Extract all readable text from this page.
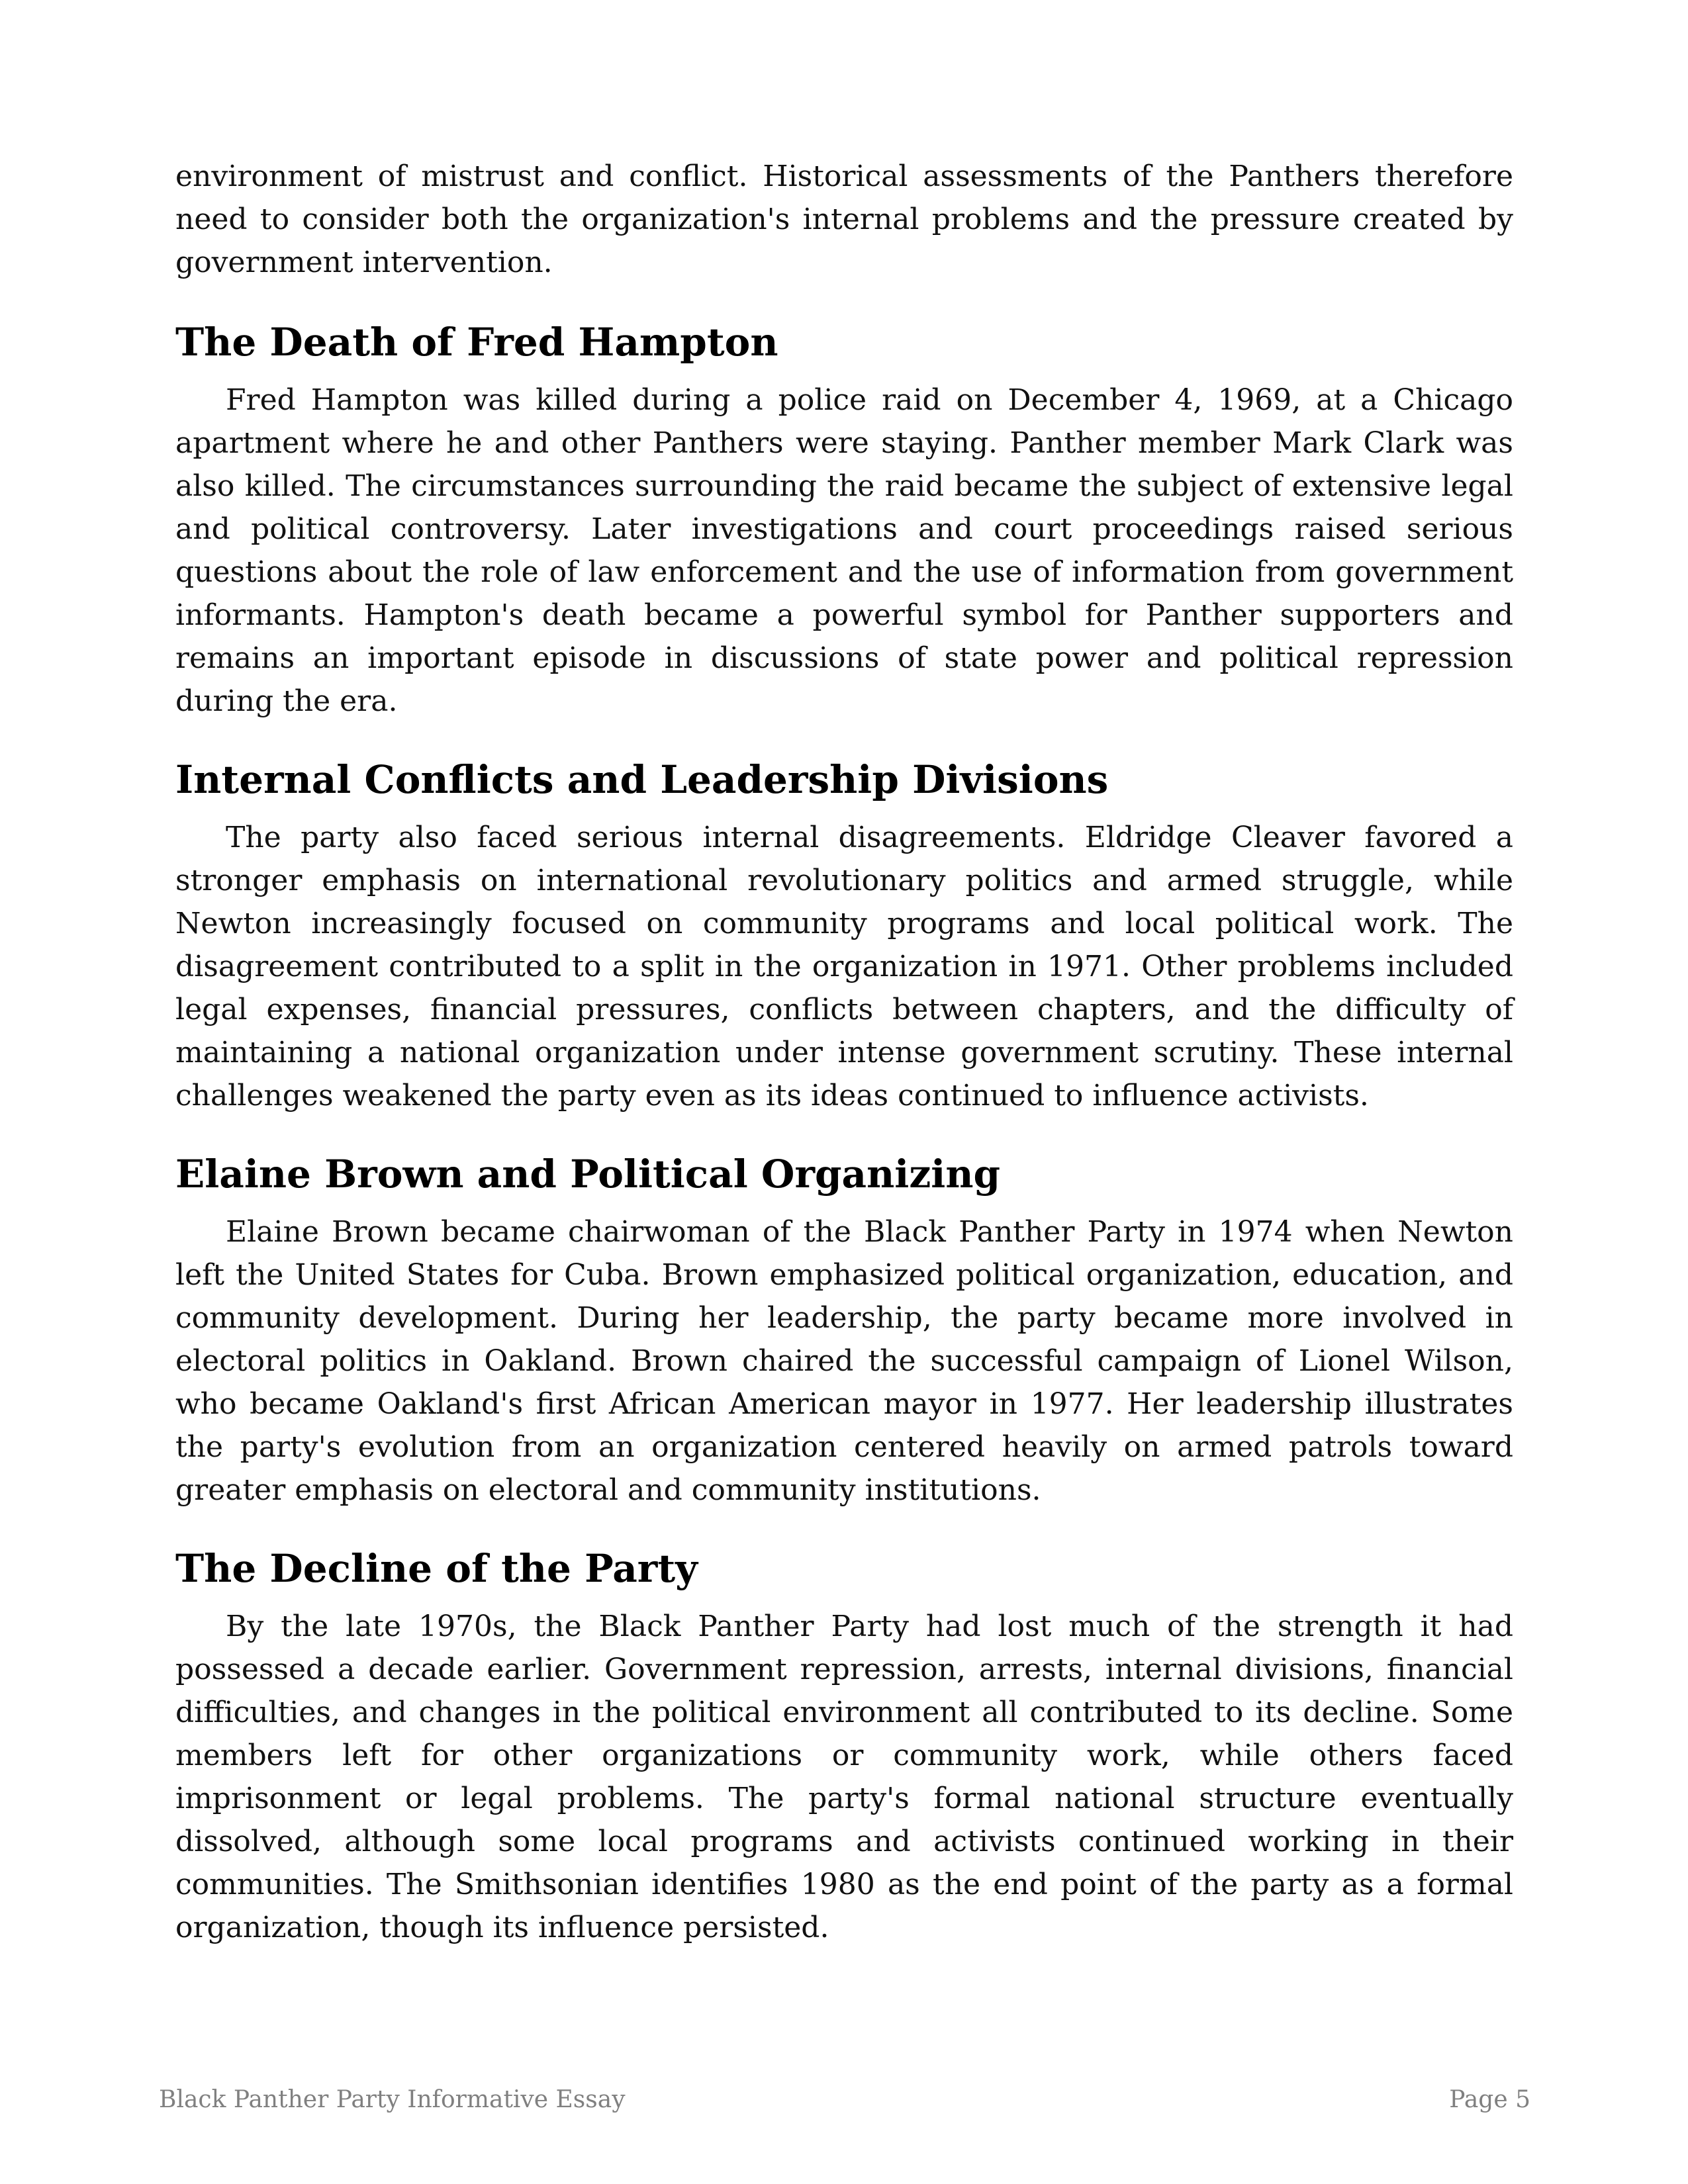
environment of mistrust and conflict. Historical assessments of the Panthers therefore need to consider both the organization's internal problems and the pressure created by government intervention.

The Death of Fred Hampton

Fred Hampton was killed during a police raid on December 4, 1969, at a Chicago apartment where he and other Panthers were staying. Panther member Mark Clark was also killed. The circumstances surrounding the raid became the subject of extensive legal and political controversy. Later investigations and court proceedings raised serious questions about the role of law enforcement and the use of information from government informants. Hampton's death became a powerful symbol for Panther supporters and remains an important episode in discussions of state power and political repression during the era.

Internal Conflicts and Leadership Divisions

The party also faced serious internal disagreements. Eldridge Cleaver favored a stronger emphasis on international revolutionary politics and armed struggle, while Newton increasingly focused on community programs and local political work. The disagreement contributed to a split in the organization in 1971. Other problems included legal expenses, financial pressures, conflicts between chapters, and the difficulty of maintaining a national organization under intense government scrutiny. These internal challenges weakened the party even as its ideas continued to influence activists.

Elaine Brown and Political Organizing

Elaine Brown became chairwoman of the Black Panther Party in 1974 when Newton left the United States for Cuba. Brown emphasized political organization, education, and community development. During her leadership, the party became more involved in electoral politics in Oakland. Brown chaired the successful campaign of Lionel Wilson, who became Oakland's first African American mayor in 1977. Her leadership illustrates the party's evolution from an organization centered heavily on armed patrols toward greater emphasis on electoral and community institutions.

The Decline of the Party

By the late 1970s, the Black Panther Party had lost much of the strength it had possessed a decade earlier. Government repression, arrests, internal divisions, financial difficulties, and changes in the political environment all contributed to its decline. Some members left for other organizations or community work, while others faced imprisonment or legal problems. The party's formal national structure eventually dissolved, although some local programs and activists continued working in their communities. The Smithsonian identifies 1980 as the end point of the party as a formal organization, though its influence persisted.

Black Panther Party Informative Essay	Page 5
